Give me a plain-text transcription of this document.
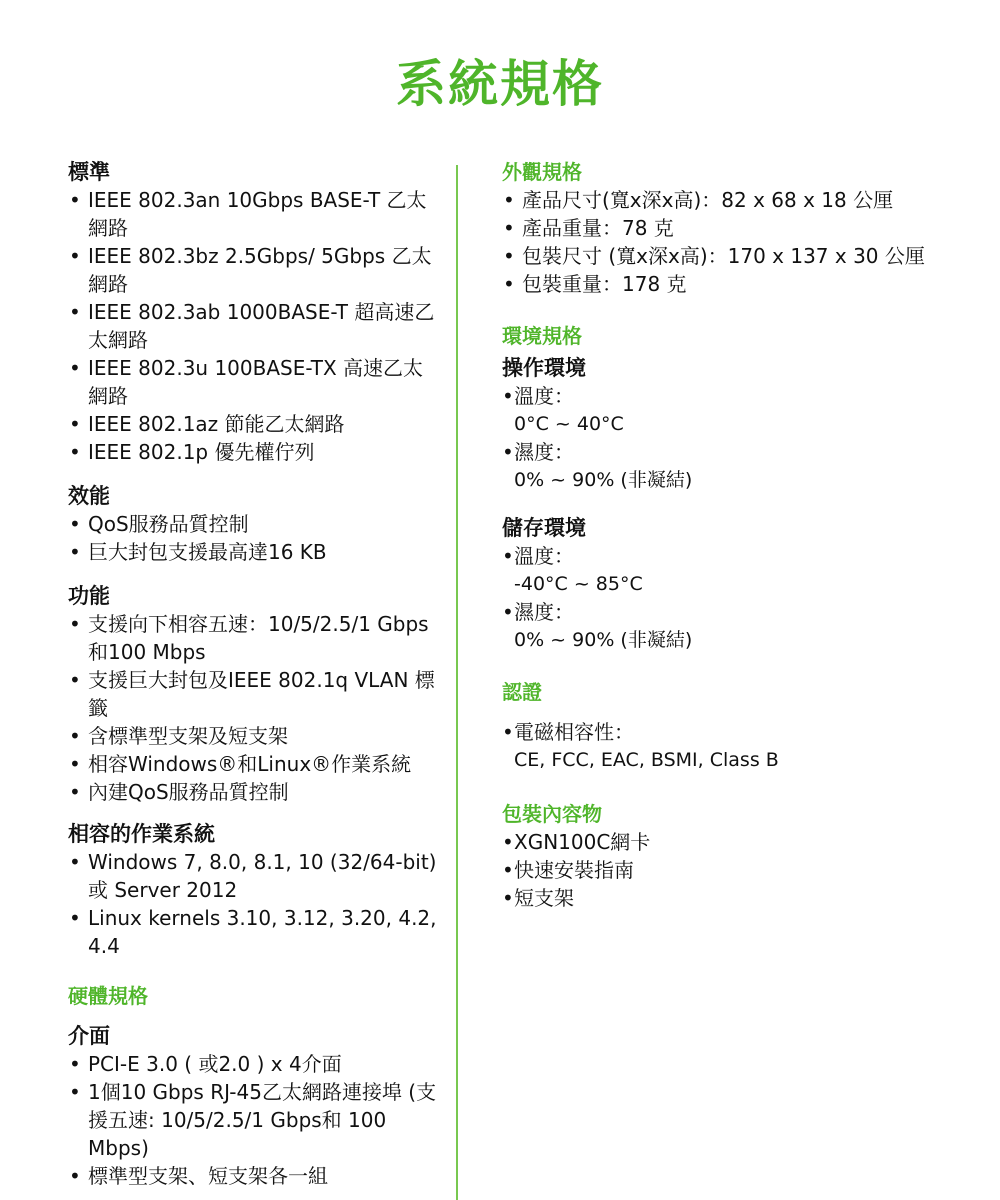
系統規格
標準
• IEEE 802.3an 10Gbps BASE-T 乙太網路
• IEEE 802.3bz 2.5Gbps/ 5Gbps 乙太網路
• IEEE 802.3ab 1000BASE-T 超高速乙太網路
• IEEE 802.3u 100BASE-TX 高速乙太網路
• IEEE 802.1az 節能乙太網路
• IEEE 802.1p 優先權佇列
效能
• QoS服務品質控制
• 巨大封包支援最高達16 KB
功能
• 支援向下相容五速：10/5/2.5/1 Gbps 和100 Mbps
• 支援巨大封包及IEEE 802.1q VLAN 標籤
• 含標準型支架及短支架
• 相容Windows®和Linux®作業系統
• 內建QoS服務品質控制
相容的作業系統
• Windows 7, 8.0, 8.1, 10 (32/64-bit) 或 Server 2012
• Linux kernels 3.10, 3.12, 3.20, 4.2, 4.4
硬體規格
介面
• PCI-E 3.0 ( 或2.0 ) x 4介面
• 1個10 Gbps RJ-45乙太網路連接埠 (支援五速: 10/5/2.5/1 Gbps和 100 Mbps)
• 標準型支架、短支架各一組
外觀規格
• 產品尺寸(寬x深x高)：82 x 68 x 18 公厘
• 產品重量：78 克
• 包裝尺寸 (寬x深x高)：170 x 137 x 30 公厘
• 包裝重量：178 克
環境規格
操作環境
• 溫度：
0°C ~ 40°C
• 濕度：
0% ~ 90% (非凝結)
儲存環境
• 溫度：
-40°C ~ 85°C
• 濕度：
0% ~ 90% (非凝結)
認證
• 電磁相容性：
CE, FCC, EAC, BSMI, Class B
包裝內容物
• XGN100C網卡
• 快速安裝指南
• 短支架
